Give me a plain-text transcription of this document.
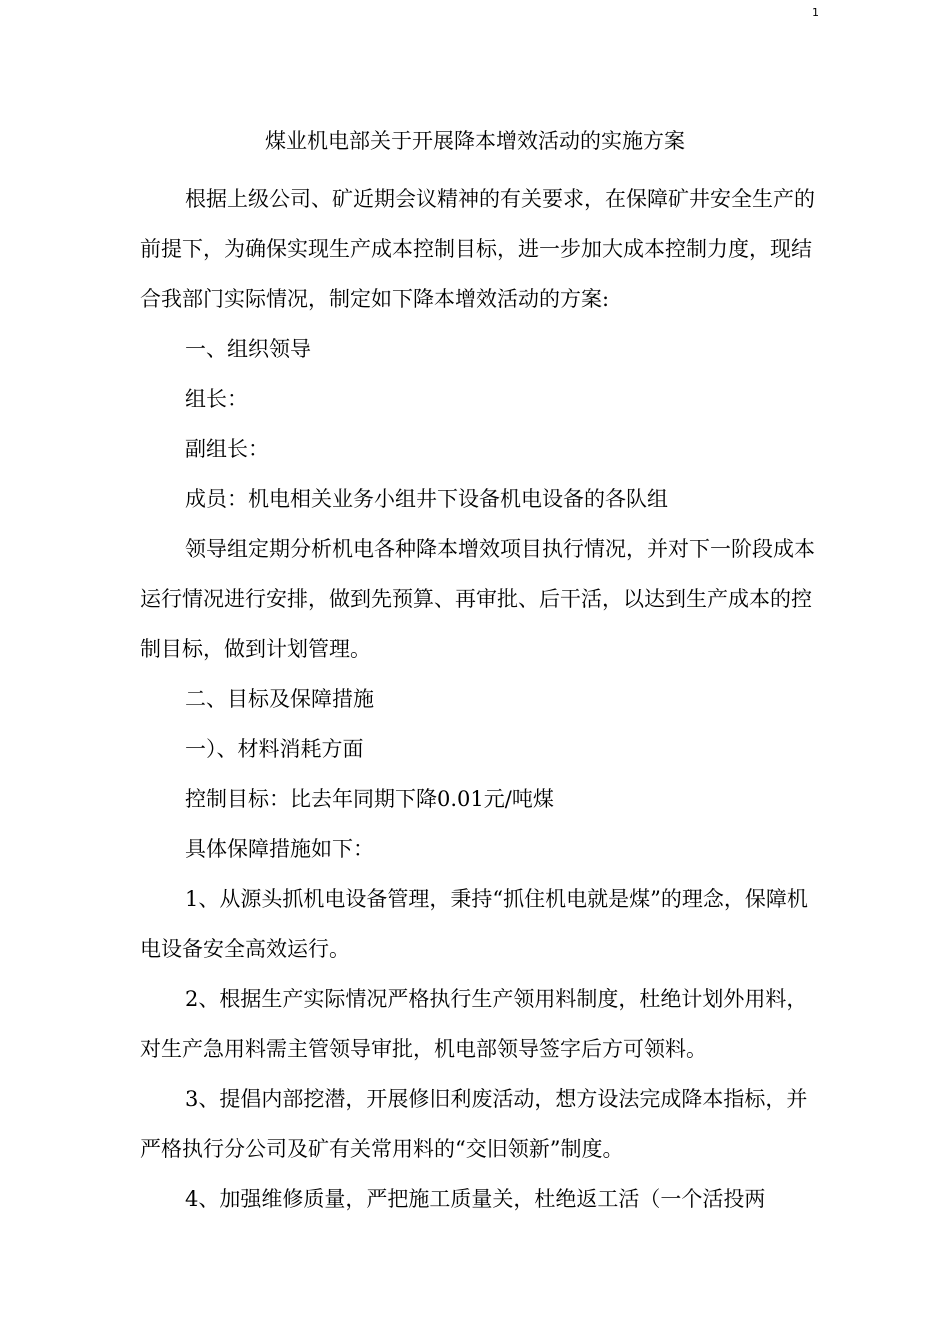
1
煤业机电部关于开展降本增效活动的实施方案

根据上级公司、矿近期会议精神的有关要求，在保障矿井安全生产的前提下，为确保实现生产成本控制目标，进一步加大成本控制力度，现结合我部门实际情况，制定如下降本增效活动的方案:

一、组织领导

组长：

副组长：

成员：机电相关业务小组井下设备机电设备的各队组

领导组定期分析机电各种降本增效项目执行情况，并对下一阶段成本运行情况进行安排，做到先预算、再审批、后干活，以达到生产成本的控制目标，做到计划管理。

二、目标及保障措施

一）、材料消耗方面

控制目标：比去年同期下降0.01元/吨煤

具体保障措施如下：

1、从源头抓机电设备管理，秉持“抓住机电就是煤”的理念，保障机电设备安全高效运行。

2、根据生产实际情况严格执行生产领用料制度，杜绝计划外用料，对生产急用料需主管领导审批，机电部领导签字后方可领料。

3、提倡内部挖潜，开展修旧利废活动，想方设法完成降本指标，并严格执行分公司及矿有关常用料的“交旧领新”制度。

4、加强维修质量，严把施工质量关，杜绝返工活（一个活投两
